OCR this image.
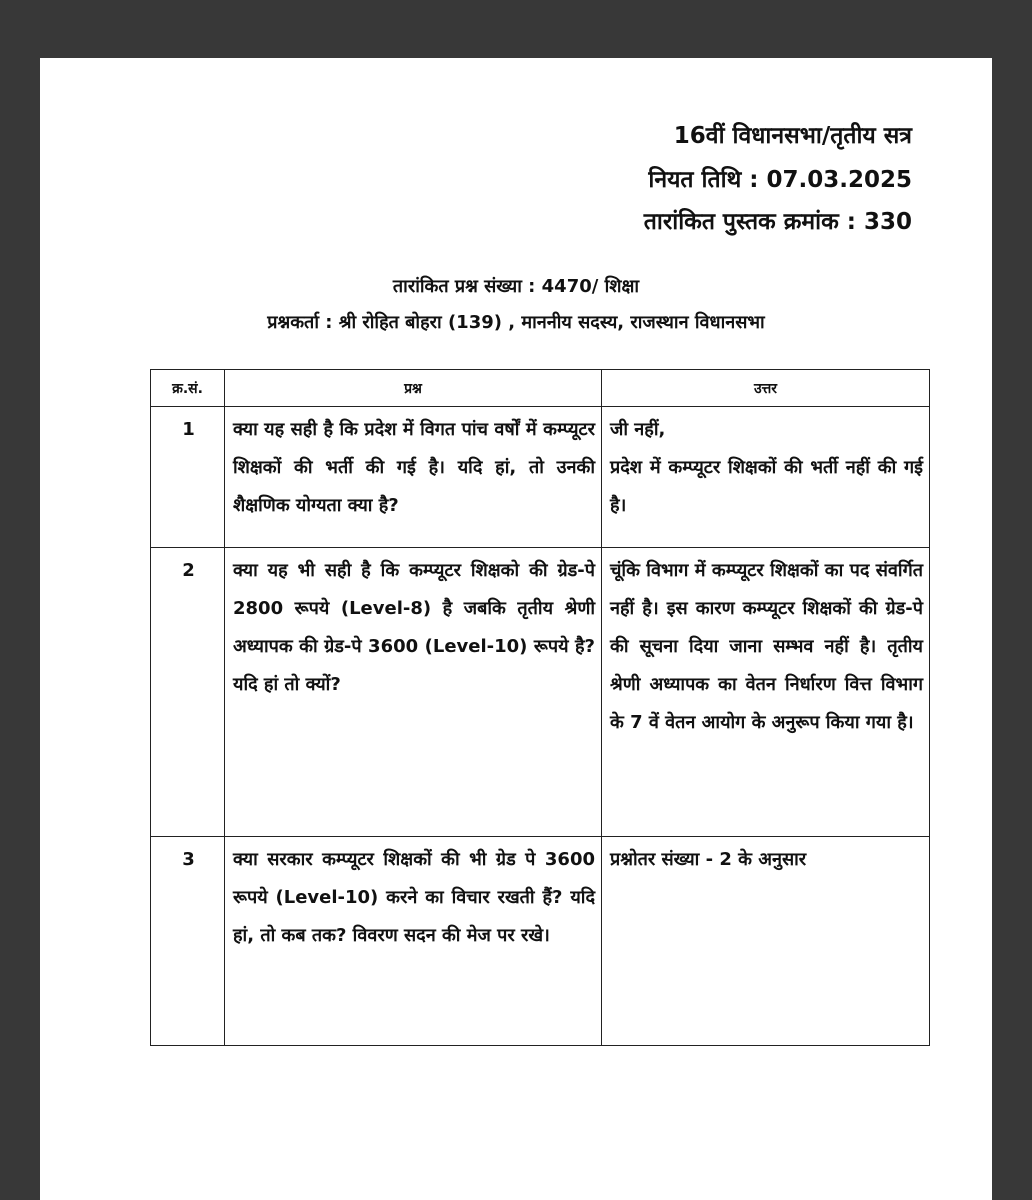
16वीं विधानसभा/तृतीय सत्र
नियत तिथि : 07.03.2025
तारांकित पुस्तक क्रमांक : 330
तारांकित प्रश्न संख्या : 4470/ शिक्षा
प्रश्नकर्ता : श्री रोहित बोहरा (139) , माननीय सदस्य, राजस्थान विधानसभा
क्र.सं.	प्रश्न	उत्तर
1	क्या यह सही है कि प्रदेश में विगत पांच वर्षों में कम्प्यूटर शिक्षकों की भर्ती की गई है। यदि हां, तो उनकी शैक्षणिक योग्यता क्या है?	जी नहीं,
प्रदेश में कम्प्यूटर शिक्षकों की भर्ती नहीं की गई है।

2	क्या यह भी सही है कि कम्प्यूटर शिक्षको की ग्रेड-पे 2800 रूपये (Level-8) है जबकि तृतीय श्रेणी अध्यापक की ग्रेड-पे 3600 (Level-10) रूपये है? यदि हां तो क्यों?	चूंकि विभाग में कम्प्यूटर शिक्षकों का पद संवर्गित नहीं है। इस कारण कम्प्यूटर शिक्षकों की ग्रेड-पे की सूचना दिया जाना सम्भव नहीं है। तृतीय श्रेणी अध्यापक का वेतन निर्धारण वित्त विभाग के 7 वें वेतन आयोग के अनुरूप किया गया है।
3	क्या सरकार कम्प्यूटर शिक्षकों की भी ग्रेड पे 3600 रूपये (Level-10) करने का विचार रखती हैं? यदि हां, तो कब तक? विवरण सदन की मेज पर रखे।	प्रश्नोतर संख्या - 2 के अनुसार
